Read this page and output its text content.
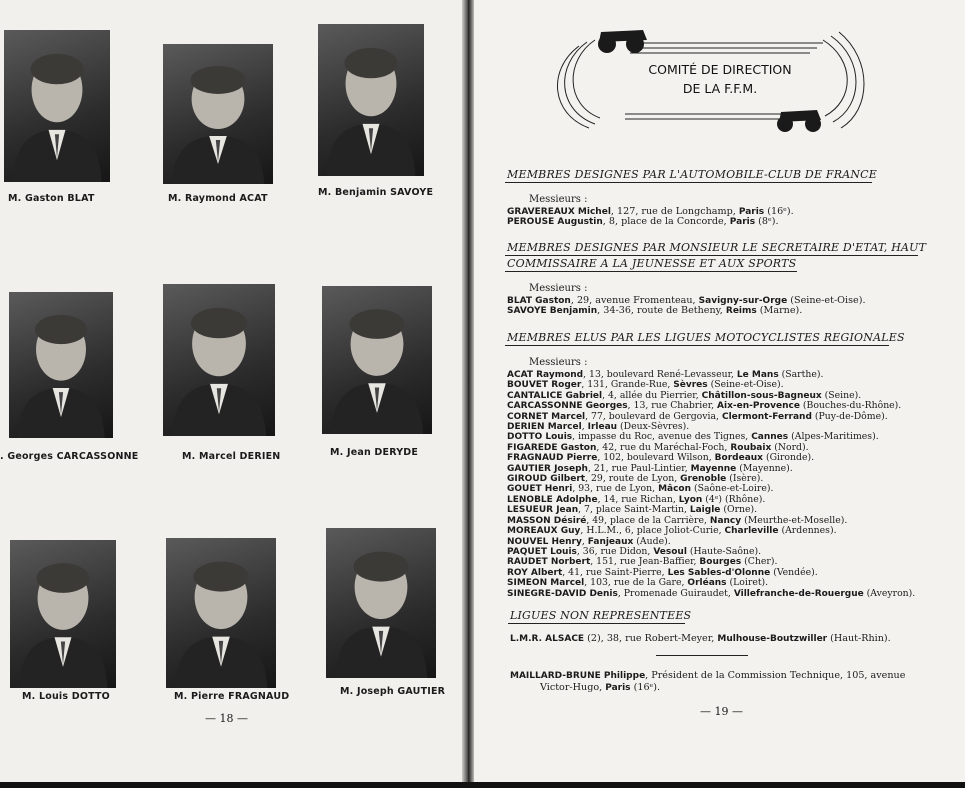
M. Gaston BLAT	M. Raymond ACAT
M. Benjamin SAVOYE
. Georges CARCASSONNE	M. Marcel DERIEN	M. Jean DERYDE
M. Louis DOTTO	M. Pierre FRAGNAUD	M. Joseph GAUTIER
— 18 —
COMITÉ DE DIRECTION
DE LA F.F.M.
MEMBRES DESIGNES PAR L'AUTOMOBILE-CLUB DE FRANCE
Messieurs :
GRAVEREAUX Michel, 127, rue de Longchamp, Paris (16ᵉ).
PEROUSE Augustin, 8, place de la Concorde, Paris (8ᵉ).
MEMBRES DESIGNES PAR MONSIEUR LE SECRETAIRE D'ETAT, HAUT
COMMISSAIRE A LA JEUNESSE ET AUX SPORTS
Messieurs :
BLAT Gaston, 29, avenue Fromenteau, Savigny-sur-Orge (Seine-et-Oise).
SAVOYE Benjamin, 34-36, route de Betheny, Reims (Marne).
MEMBRES ELUS PAR LES LIGUES MOTOCYCLISTES REGIONALES
Messieurs :
ACAT Raymond, 13, boulevard René-Levasseur, Le Mans (Sarthe).
BOUVET Roger, 131, Grande-Rue, Sèvres (Seine-et-Oise).
CANTALICE Gabriel, 4, allée du Pierrier, Châtillon-sous-Bagneux (Seine).
CARCASSONNE Georges, 13, rue Chabrier, Aix-en-Provence (Bouches-du-Rhône).
CORNET Marcel, 77, boulevard de Gergovia, Clermont-Ferrand (Puy-de-Dôme).
DERIEN Marcel, Irleau (Deux-Sèvres).
DOTTO Louis, impasse du Roc, avenue des Tignes, Cannes (Alpes-Maritimes).
FIGAREDE Gaston, 42, rue du Maréchal-Foch, Roubaix (Nord).
FRAGNAUD Pierre, 102, boulevard Wilson, Bordeaux (Gironde).
GAUTIER Joseph, 21, rue Paul-Lintier, Mayenne (Mayenne).
GIROUD Gilbert, 29, route de Lyon, Grenoble (Isère).
GOUET Henri, 93, rue de Lyon, Mâcon (Saône-et-Loire).
LENOBLE Adolphe, 14, rue Richan, Lyon (4ᵉ) (Rhône).
LESUEUR Jean, 7, place Saint-Martin, Laigle (Orne).
MASSON Désiré, 49, place de la Carrière, Nancy (Meurthe-et-Moselle).
MOREAUX Guy, H.L.M., 6, place Joliot-Curie, Charleville (Ardennes).
NOUVEL Henry, Fanjeaux (Aude).
PAQUET Louis, 36, rue Didon, Vesoul (Haute-Saône).
RAUDET Norbert, 151, rue Jean-Baffier, Bourges (Cher).
ROY Albert, 41, rue Saint-Pierre, Les Sables-d'Olonne (Vendée).
SIMEON Marcel, 103, rue de la Gare, Orléans (Loiret).
SINEGRE-DAVID Denis, Promenade Guiraudet, Villefranche-de-Rouergue (Aveyron).
LIGUES NON REPRESENTEES
L.M.R. ALSACE (2), 38, rue Robert-Meyer, Mulhouse-Boutzwiller (Haut-Rhin).
MAILLARD-BRUNE Philippe, Président de la Commission Technique, 105, avenue
Victor-Hugo, Paris (16ᵉ).
— 19 —
